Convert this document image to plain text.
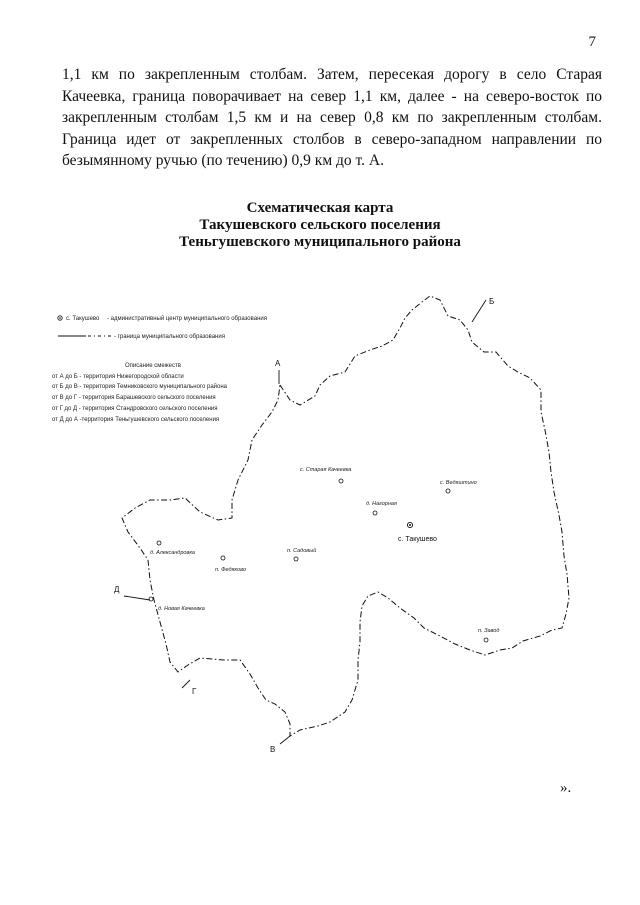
7

1,1 км по закрепленным столбам. Затем, пересекая дорогу в село Старая Качеевка, граница поворачивает на север 1,1 км, далее - на северо-восток по закрепленным столбам 1,5 км и на север 0,8 км по закрепленным столбам. Граница идет от закрепленных столбов в северо-западном направлении по безымянному ручью (по течению) 0,9 км до т. А.

Схематическая карта
Такушевского сельского поселения
Теньгушевского муниципального района
с. Такушево - административный центр муниципального образования
- граница муниципального образования
Описание смежеств
от А до Б - территория Нижегородской области
от Б до В - территория Темниковского муниципального района
от В до Г - территория Барашевского сельского поселения
от Г до Д - территория Стандровского сельского поселения
от Д до А -территория Теньгушевского сельского поселения
А
Б
В
Г
Д
с. Старая Качеевка
с. Ведяштино
д. Нагорная
с. Такушево
д. Александровка	п. Садовый
п. Федяково
д. Новая Качеевка
п. Завод
».
